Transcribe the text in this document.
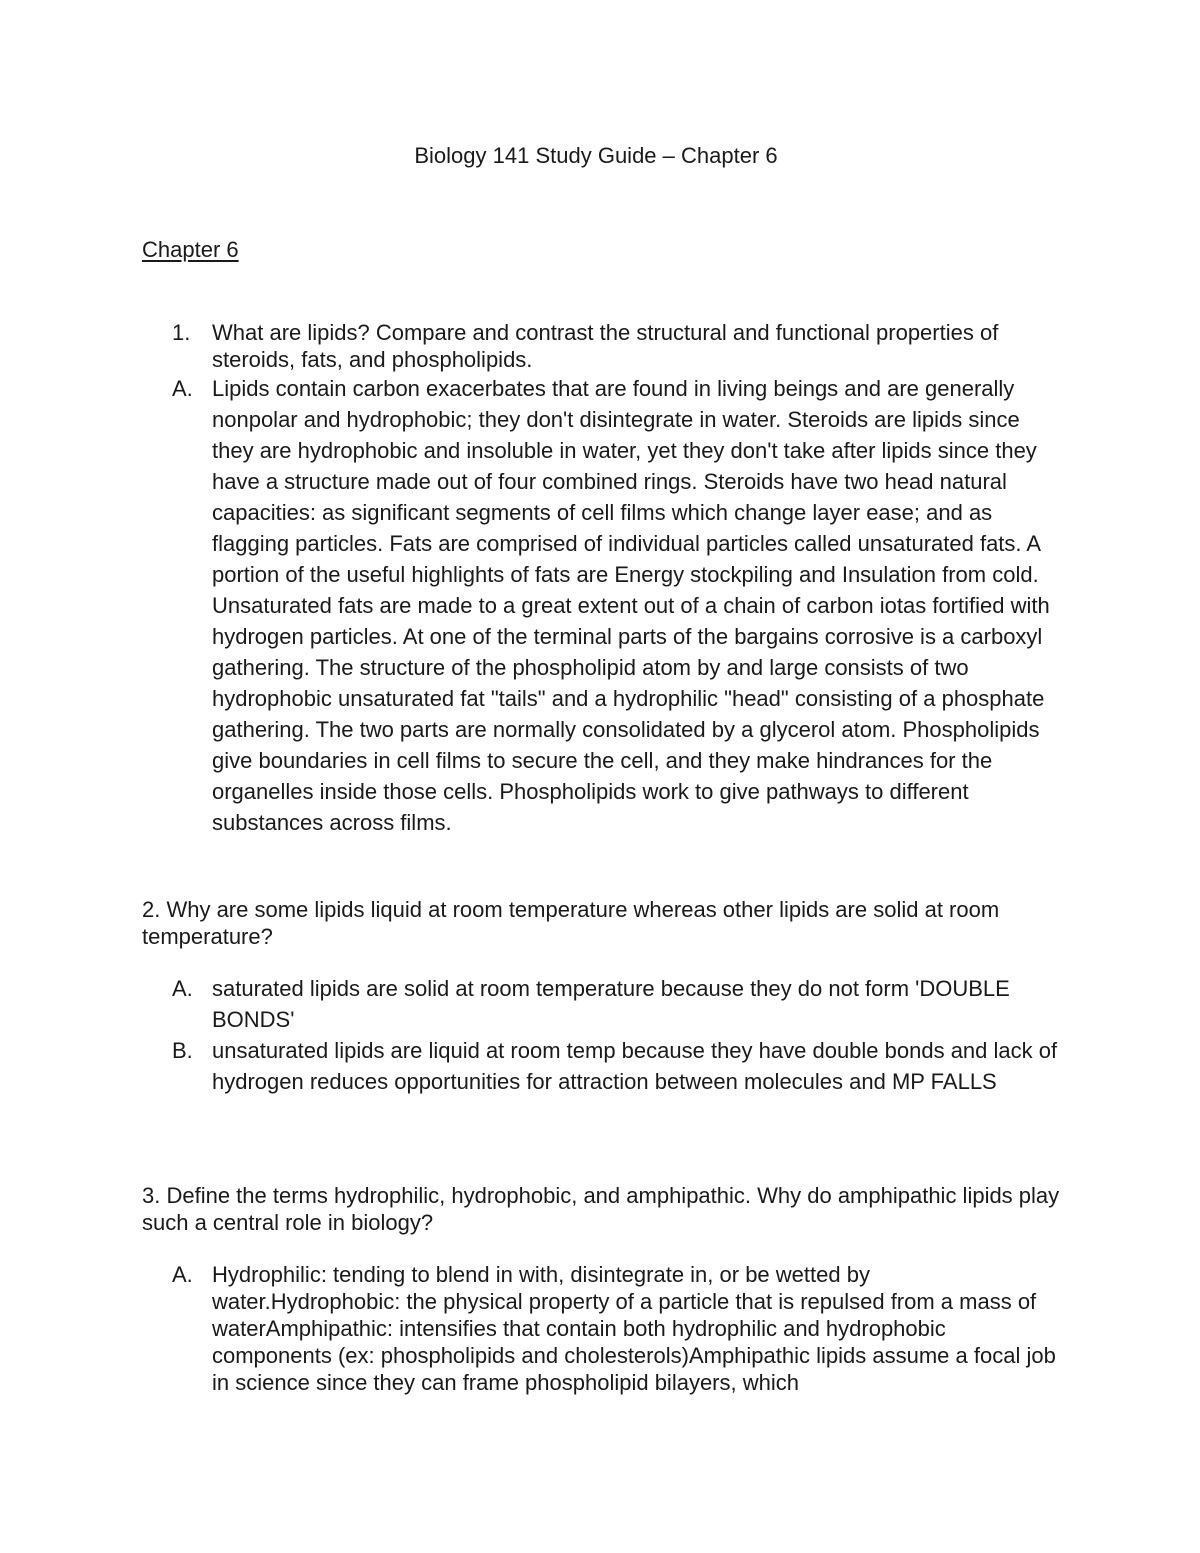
Biology 141 Study Guide – Chapter 6
Chapter 6
1. What are lipids? Compare and contrast the structural and functional properties of steroids, fats, and phospholipids.
A. Lipids contain carbon exacerbates that are found in living beings and are generally nonpolar and hydrophobic; they don't disintegrate in water. Steroids are lipids since they are hydrophobic and insoluble in water, yet they don't take after lipids since they have a structure made out of four combined rings. Steroids have two head natural capacities: as significant segments of cell films which change layer ease; and as flagging particles. Fats are comprised of individual particles called unsaturated fats. A portion of the useful highlights of fats are Energy stockpiling and Insulation from cold. Unsaturated fats are made to a great extent out of a chain of carbon iotas fortified with hydrogen particles. At one of the terminal parts of the bargains corrosive is a carboxyl gathering. The structure of the phospholipid atom by and large consists of two hydrophobic unsaturated fat "tails" and a hydrophilic "head" consisting of a phosphate gathering. The two parts are normally consolidated by a glycerol atom. Phospholipids give boundaries in cell films to secure the cell, and they make hindrances for the organelles inside those cells. Phospholipids work to give pathways to different substances across films.
2. Why are some lipids liquid at room temperature whereas other lipids are solid at room temperature?
A. saturated lipids are solid at room temperature because they do not form 'DOUBLE BONDS'
B. unsaturated lipids are liquid at room temp because they have double bonds and lack of hydrogen reduces opportunities for attraction between molecules and MP FALLS
3. Define the terms hydrophilic, hydrophobic, and amphipathic. Why do amphipathic lipids play such a central role in biology?
A. Hydrophilic: tending to blend in with, disintegrate in, or be wetted by water.Hydrophobic: the physical property of a particle that is repulsed from a mass of waterAmphipathic: intensifies that contain both hydrophilic and hydrophobic components (ex: phospholipids and cholesterols)Amphipathic lipids assume a focal job in science since they can frame phospholipid bilayers, which
